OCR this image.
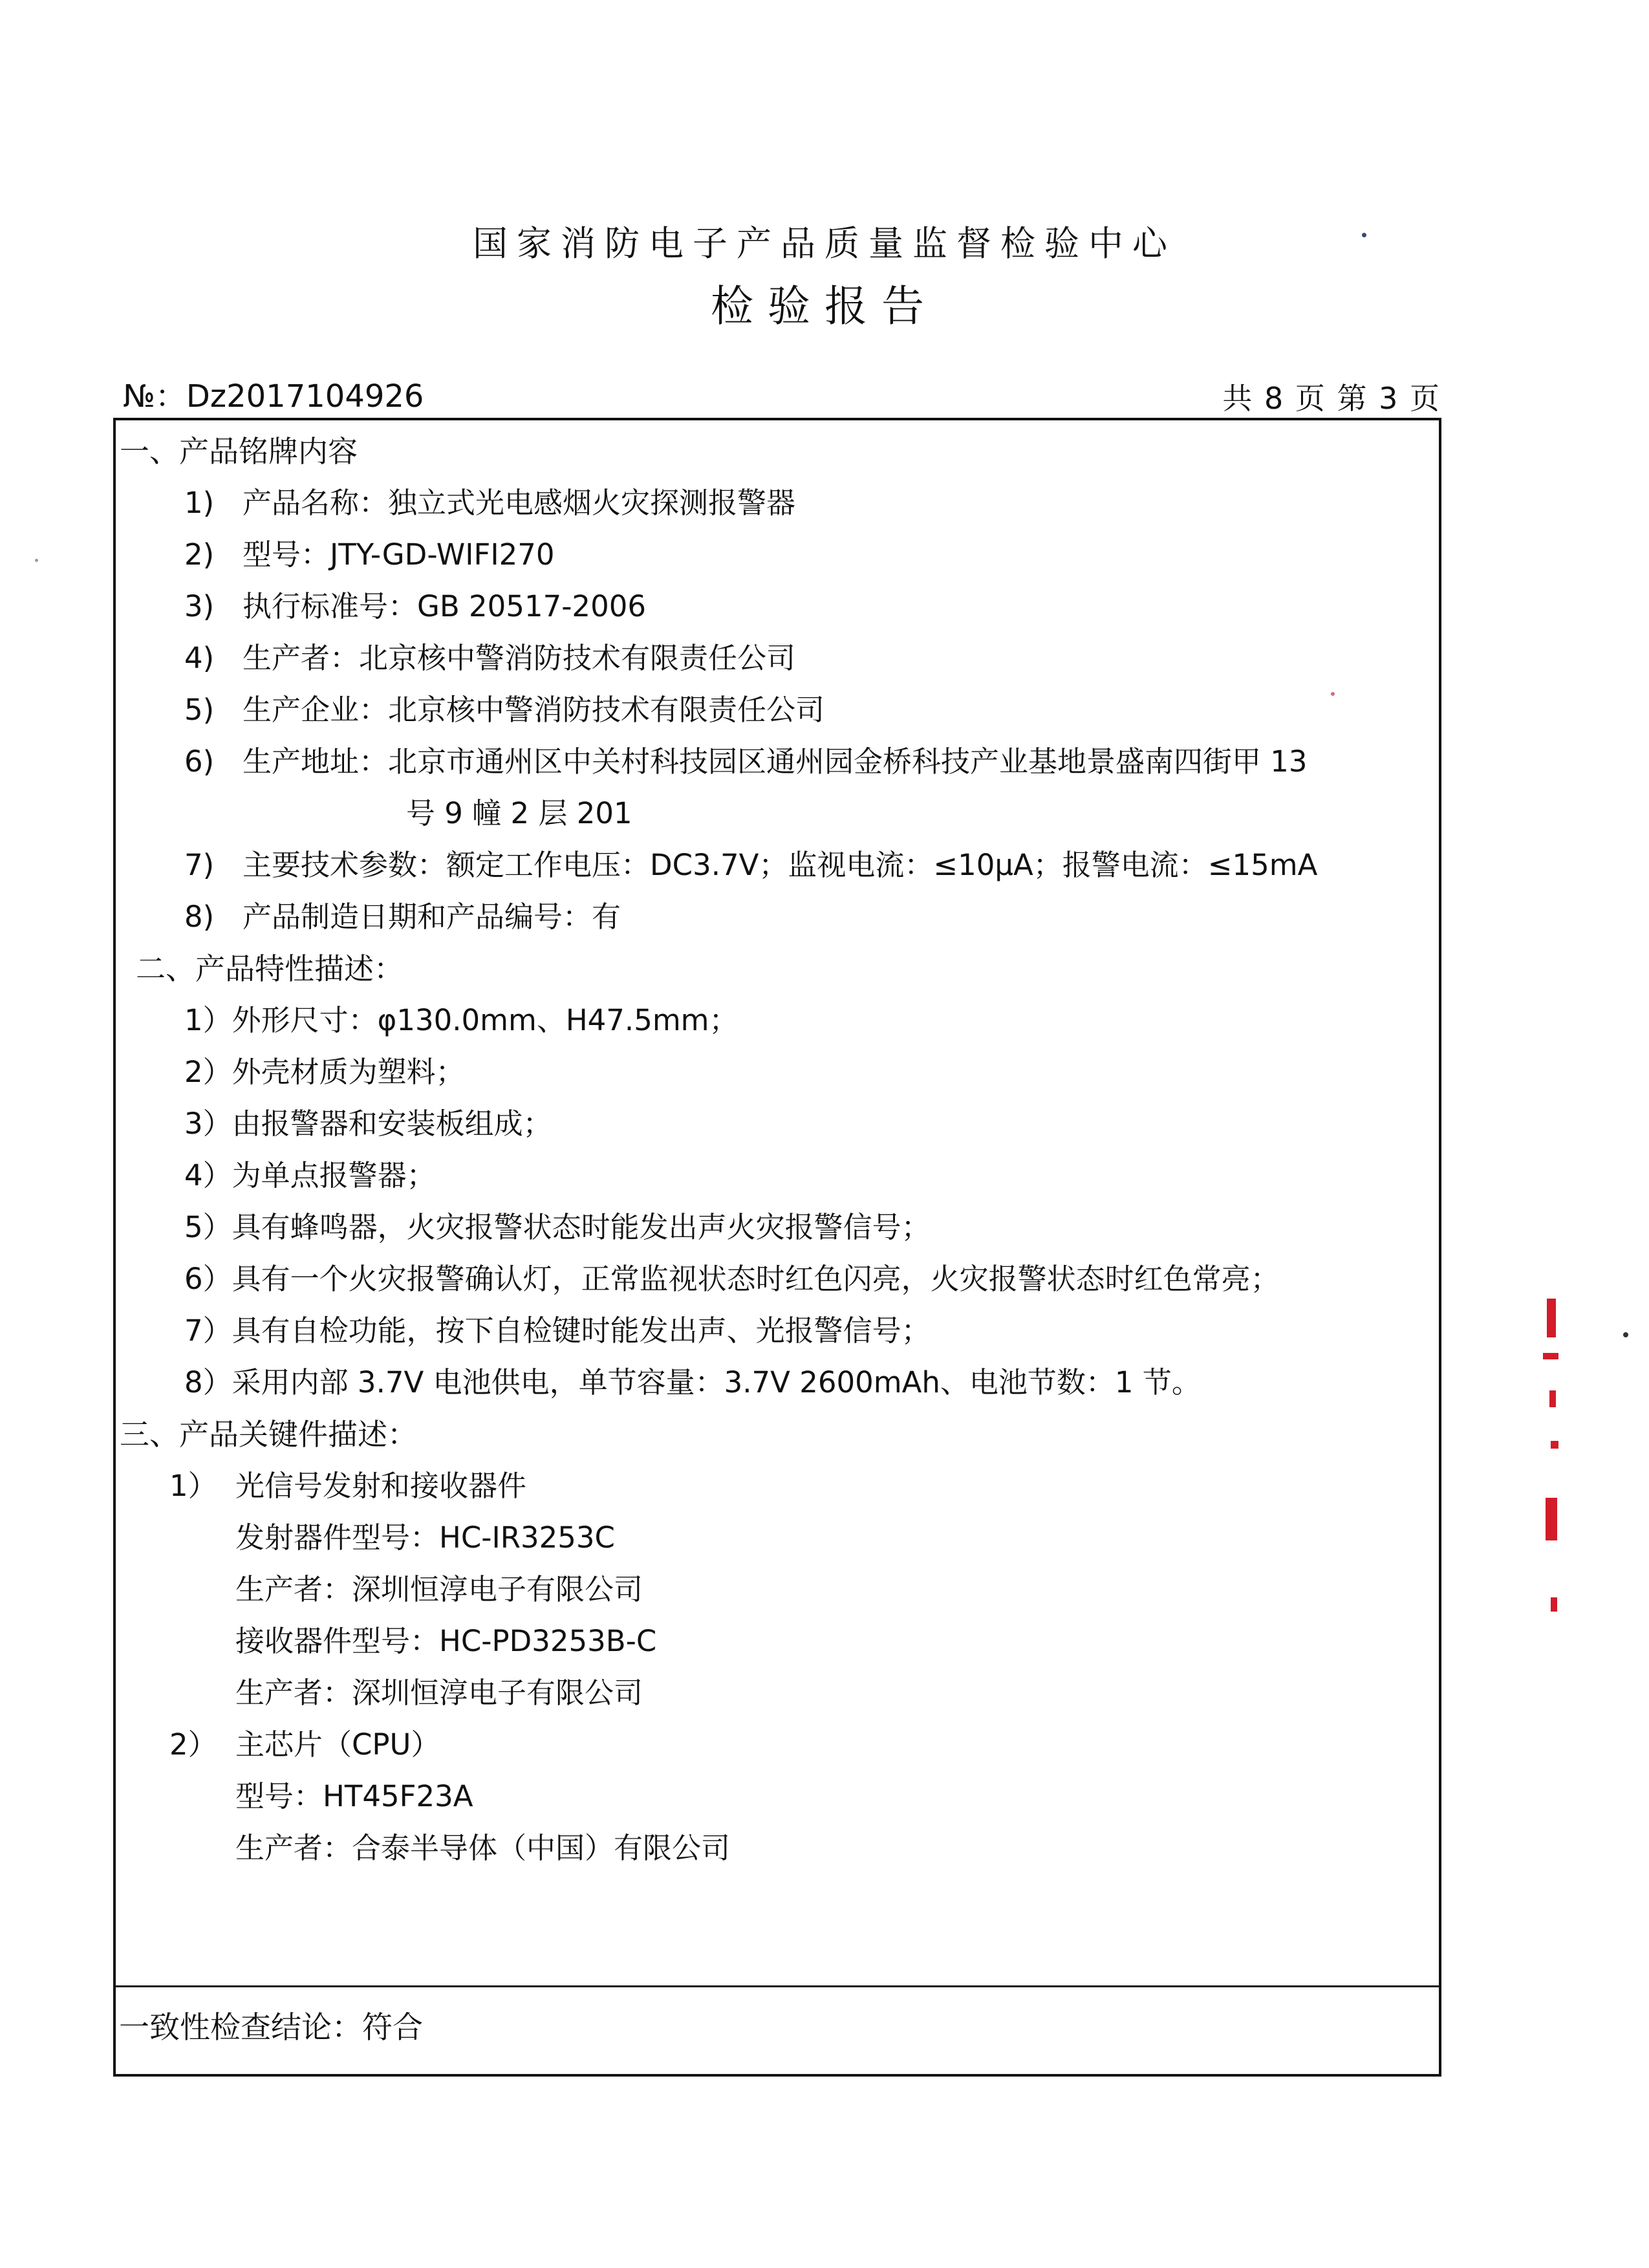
国家消防电子产品质量监督检验中心
检验报告
№：Dz2017104926	共 8 页 第 3 页
一、产品铭牌内容
1) 产品名称：独立式光电感烟火灾探测报警器
2) 型号：JTY-GD-WIFI270
3) 执行标准号：GB 20517-2006
4) 生产者：北京核中警消防技术有限责任公司
5) 生产企业：北京核中警消防技术有限责任公司
6) 生产地址：北京市通州区中关村科技园区通州园金桥科技产业基地景盛南四街甲 13
号 9 幢 2 层 201
7) 主要技术参数：额定工作电压：DC3.7V；监视电流：≤10μA；报警电流：≤15mA
8) 产品制造日期和产品编号：有
二、产品特性描述：
1）外形尺寸：φ130.0mm、H47.5mm；
2）外壳材质为塑料；
3）由报警器和安装板组成；
4）为单点报警器；
5）具有蜂鸣器，火灾报警状态时能发出声火灾报警信号；
6）具有一个火灾报警确认灯，正常监视状态时红色闪亮，火灾报警状态时红色常亮；
7）具有自检功能，按下自检键时能发出声、光报警信号；
8）采用内部 3.7V 电池供电，单节容量：3.7V 2600mAh、电池节数：1 节。
三、产品关键件描述：
1） 光信号发射和接收器件
发射器件型号：HC-IR3253C
生产者：深圳恒淳电子有限公司
接收器件型号：HC-PD3253B-C
生产者：深圳恒淳电子有限公司
2） 主芯片（CPU）
型号：HT45F23A
生产者：合泰半导体（中国）有限公司
一致性检查结论：符合
